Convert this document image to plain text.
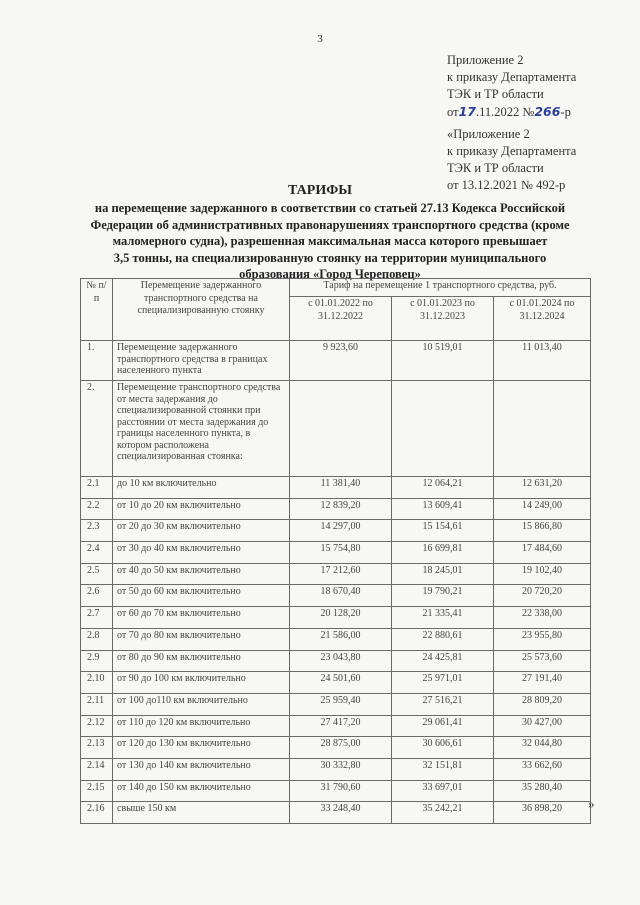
3
Приложение 2
к приказу Департамента
ТЭК и ТР области
от17.11.2022 №266-р
«Приложение 2
к приказу Департамента
ТЭК и ТР области
от 13.12.2021 № 492-р
ТАРИФЫ
на перемещение задержанного в соответствии со статьей 27.13 Кодекса Российской
Федерации об административных правонарушениях транспортного средства (кроме
маломерного судна), разрешенная максимальная масса которого превышает
3,5 тонны, на специализированную стоянку на территории муниципального
образования «Город Череповец»
№ п/п	Перемещение задержанного транспортного средства на специализированную стоянку	Тариф на перемещение 1 транспортного средства, руб.		
		с 01.01.2022 по 31.12.2022	с 01.01.2023 по 31.12.2023	с 01.01.2024 по 31.12.2024
1.	Перемещение задержанного транспортного средства в границах населенного пункта	9 923,60	10 519,01	11 013,40
2.	Перемещение транспортного средства от места задержания до специализированной стоянки при расстоянии от места задержания до границы населенного пункта, в котором расположена специализированная стоянка:			
2.1	до 10 км включительно	11 381,40	12 064,21	12 631,20
2.2	от 10 до 20 км включительно	12 839,20	13 609,41	14 249,00
2.3	от 20 до 30 км включительно	14 297,00	15 154,61	15 866,80
2.4	от 30 до 40 км включительно	15 754,80	16 699,81	17 484,60
2.5	от 40 до 50 км включительно	17 212,60	18 245,01	19 102,40
2.6	от 50 до 60 км включительно	18 670,40	19 790,21	20 720,20
2.7	от 60 до 70 км включительно	20 128,20	21 335,41	22 338,00
2.8	от 70 до 80 км включительно	21 586,00	22 880,61	23 955,80
2.9	от 80 до 90 км включительно	23 043,80	24 425,81	25 573,60
2.10	от 90 до 100 км включительно	24 501,60	25 971,01	27 191,40
2.11	от 100 до110 км включительно	25 959,40	27 516,21	28 809,20
2.12	от 110 до 120 км включительно	27 417,20	29 061,41	30 427,00
2.13	от 120 до 130 км включительно	28 875,00	30 606,61	32 044,80
2.14	от 130 до 140 км включительно	30 332,80	32 151,81	33 662,60
2.15	от 140 до 150 км включительно	31 790,60	33 697,01	35 280,40
2.16	свыше 150 км	33 248,40	35 242,21	36 898,20 »
